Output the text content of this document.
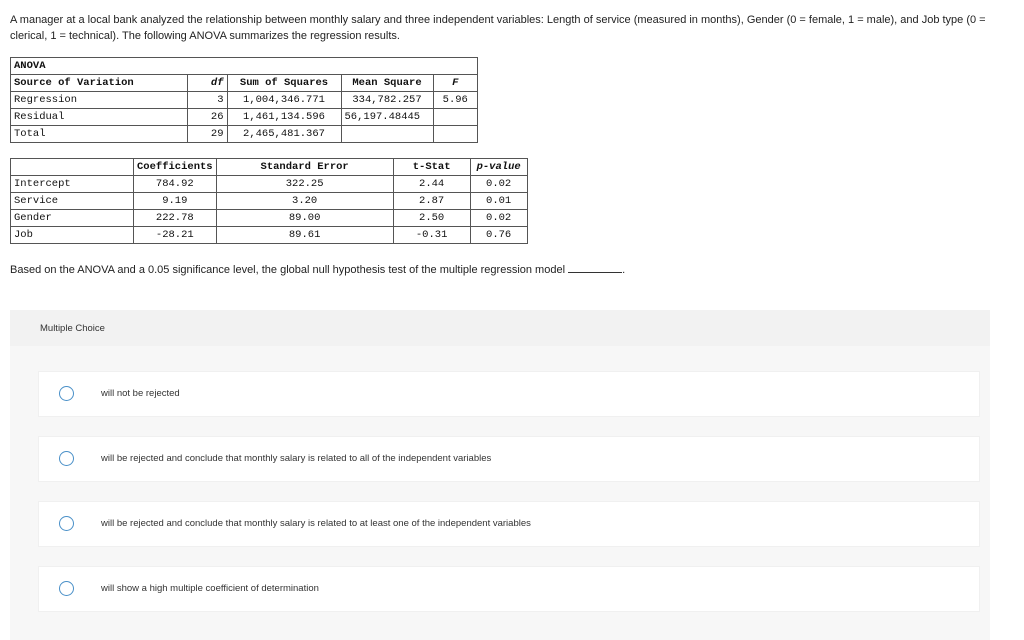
A manager at a local bank analyzed the relationship between monthly salary and three independent variables: Length of service (measured in months), Gender (0 = female, 1 = male), and Job type (0 = clerical, 1 = technical). The following ANOVA summarizes the regression results.
ANOVA				
Source of Variation	df	Sum of Squares	Mean Square	F
Regression	3	1,004,346.771	334,782.257	5.96
Residual	26	1,461,134.596	56,197.48445	
Total	29	2,465,481.367		
	Coefficients	Standard Error	t-Stat	p-value
Intercept	784.92	322.25	2.44	0.02
Service	9.19	3.20	2.87	0.01
Gender	222.78	89.00	2.50	0.02
Job	-28.21	89.61	-0.31	0.76
Based on the ANOVA and a 0.05 significance level, the global null hypothesis test of the multiple regression model	.
Multiple Choice
will not be rejected
will be rejected and conclude that monthly salary is related to all of the independent variables
will be rejected and conclude that monthly salary is related to at least one of the independent variables
will show a high multiple coefficient of determination
